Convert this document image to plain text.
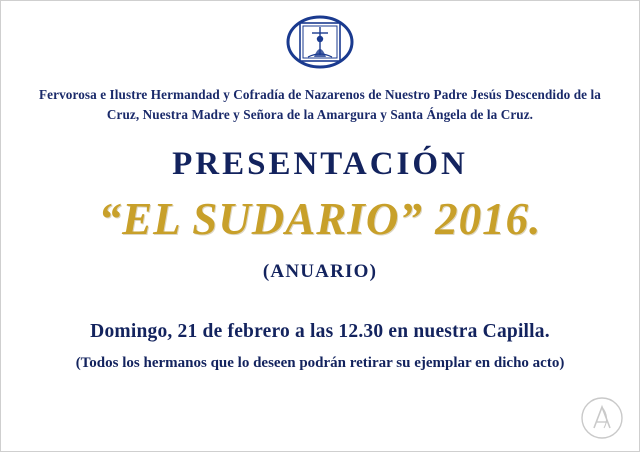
Fervorosa e Ilustre Hermandad y Cofradía de Nazarenos de Nuestro Padre Jesús Descendido de la Cruz, Nuestra Madre y Señora de la Amargura y Santa Ángela de la Cruz.
PRESENTACIÓN
“EL SUDARIO” 2016.
(ANUARIO)
Domingo, 21 de febrero a las 12.30 en nuestra Capilla.
(Todos los hermanos que lo deseen podrán retirar su ejemplar en dicho acto)
